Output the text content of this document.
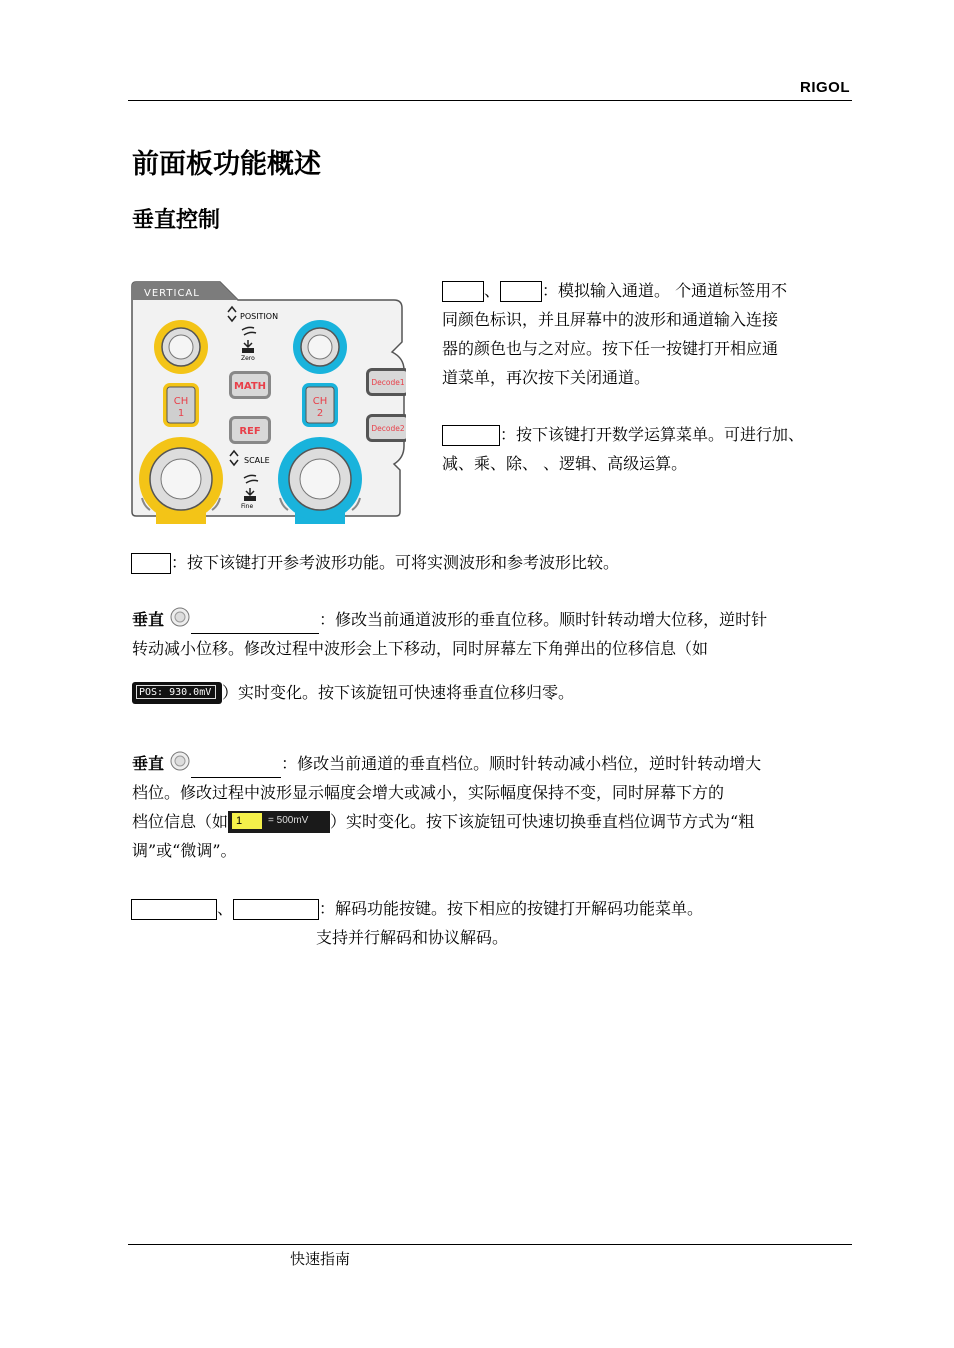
RIGOL
前面板功能概述
垂直控制
VERTICAL
POSITION
Zero
CH
1
CH
2
MATH
REF
Decode1
Decode2
SCALE
Fine
、	：模拟输入通道。 个通道标签用不
同颜色标识，并且屏幕中的波形和通道输入连接
器的颜色也与之对应。按下任一按键打开相应通
道菜单，再次按下关闭通道。
：按下该键打开数学运算菜单。可进行加、
减、乘、除、 、逻辑、高级运算。
：按下该键打开参考波形功能。可将实测波形和参考波形比较。
垂直	：修改当前通道波形的垂直位移。顺时针转动增大位移，逆时针
转动减小位移。修改过程中波形会上下移动，同时屏幕左下角弹出的位移信息（如
POS: 930.0mV ）实时变化。按下该旋钮可快速将垂直位移归零。
垂直	：修改当前通道的垂直档位。顺时针转动减小档位，逆时针转动增大
档位。修改过程中波形显示幅度会增大或减小，实际幅度保持不变，同时屏幕下方的
档位信息（如 1	= 500mV ）实时变化。按下该旋钮可快速切换垂直档位调节方式为“粗
调”或“微调”。
、	：解码功能按键。按下相应的按键打开解码功能菜单。
支持并行解码和协议解码。
快速指南
